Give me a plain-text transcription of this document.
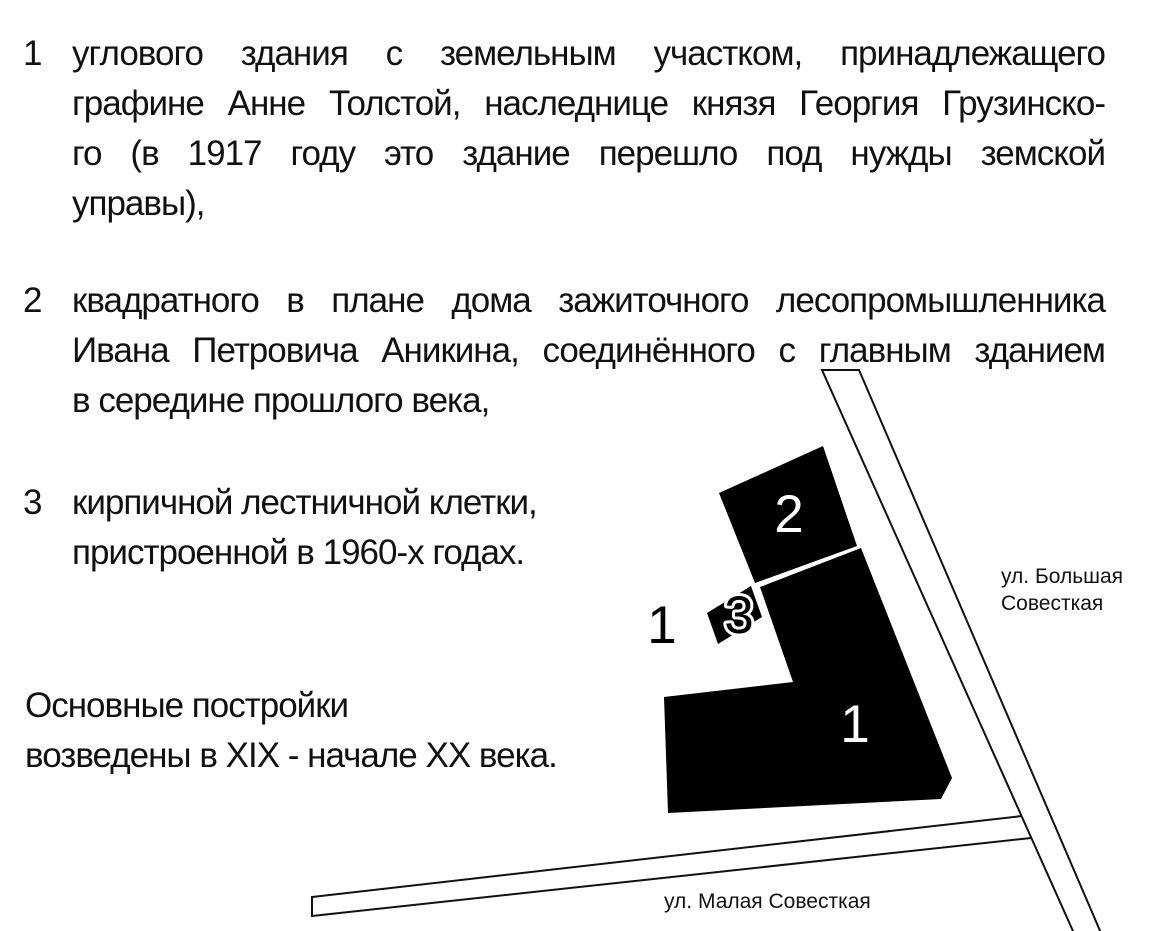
1 углового здания с земельным участком, принадлежащего
графине Анне Толстой, наследнице князя Георгия Грузинско-
го (в 1917 году это здание перешло под нужды земской
управы),
2 квадратного в плане дома зажиточного лесопромышленника
Ивана Петровича Аникина, соединённого с главным зданием
в середине прошлого века,
3 кирпичной лестничной клетки,
пристроенной в 1960-х годах.
Основные постройки
возведены в XIX - начале XX века.
2
1
1 3
ул. Большая
Совесткая
ул. Малая Совесткая
